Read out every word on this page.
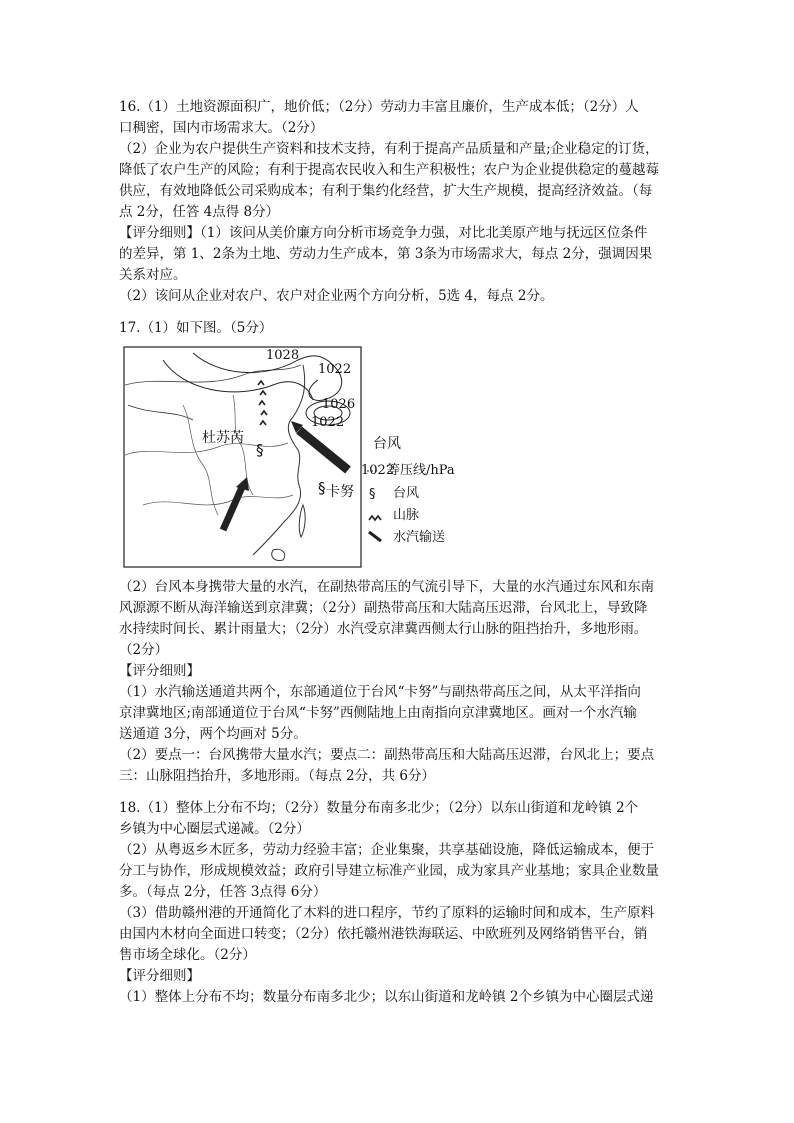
16.（1）土地资源面积广，地价低；（2分）劳动力丰富且廉价，生产成本低；（2分）人

口稠密，国内市场需求大。（2分）

（2）企业为农户提供生产资料和技术支持，有利于提高产品质量和产量;企业稳定的订货，

降低了农户生产的风险；有利于提高农民收入和生产积极性；农户为企业提供稳定的蔓越莓

供应，有效地降低公司采购成本；有利于集约化经营，扩大生产规模，提高经济效益。（每

点 2分，任答 4点得 8分）

【评分细则】（1）该问从美价廉方向分析市场竞争力强，对比北美原产地与抚远区位条件

的差异，第 1、2条为土地、劳动力生产成本，第 3条为市场需求大，每点 2分，强调因果

关系对应。

（2）该问从企业对农户、农户对企业两个方向分析，5选 4，每点 2分。

17.（1）如下图。（5分）

§
§	§
1028
1022
1026
1022
杜苏芮
卡努
台风
1022
等压线/hPa
台风
山脉
水汽输送

（2）台风本身携带大量的水汽，在副热带高压的气流引导下，大量的水汽通过东风和东南

风源源不断从海洋输送到京津冀；（2分）副热带高压和大陆高压迟滞，台风北上，导致降

水持续时间长、累计雨量大；（2分）水汽受京津冀西侧太行山脉的阻挡抬升，多地形雨。

（2分）

【评分细则】

（1）水汽输送通道共两个，东部通道位于台风“卡努”与副热带高压之间，从太平洋指向

京津冀地区;南部通道位于台风“卡努”西侧陆地上由南指向京津冀地区。画对一个水汽输

送通道 3分，两个均画对 5分。

（2）要点一：台风携带大量水汽；要点二：副热带高压和大陆高压迟滞，台风北上；要点

三：山脉阻挡抬升，多地形雨。（每点 2分，共 6分）

18.（1）整体上分布不均；（2分）数量分布南多北少；（2分）以东山街道和龙岭镇 2个

乡镇为中心圈层式递减。（2分）

（2）从粤返乡木匠多，劳动力经验丰富；企业集聚，共享基础设施，降低运输成本，便于

分工与协作，形成规模效益；政府引导建立标准产业园，成为家具产业基地；家具企业数量

多。（每点 2分，任答 3点得 6分）

（3）借助赣州港的开通简化了木料的进口程序，节约了原料的运输时间和成本，生产原料

由国内木材向全面进口转变；（2分）依托赣州港铁海联运、中欧班列及网络销售平台，销

售市场全球化。（2分）

【评分细则】

（1）整体上分布不均；数量分布南多北少；以东山街道和龙岭镇 2个乡镇为中心圈层式递
